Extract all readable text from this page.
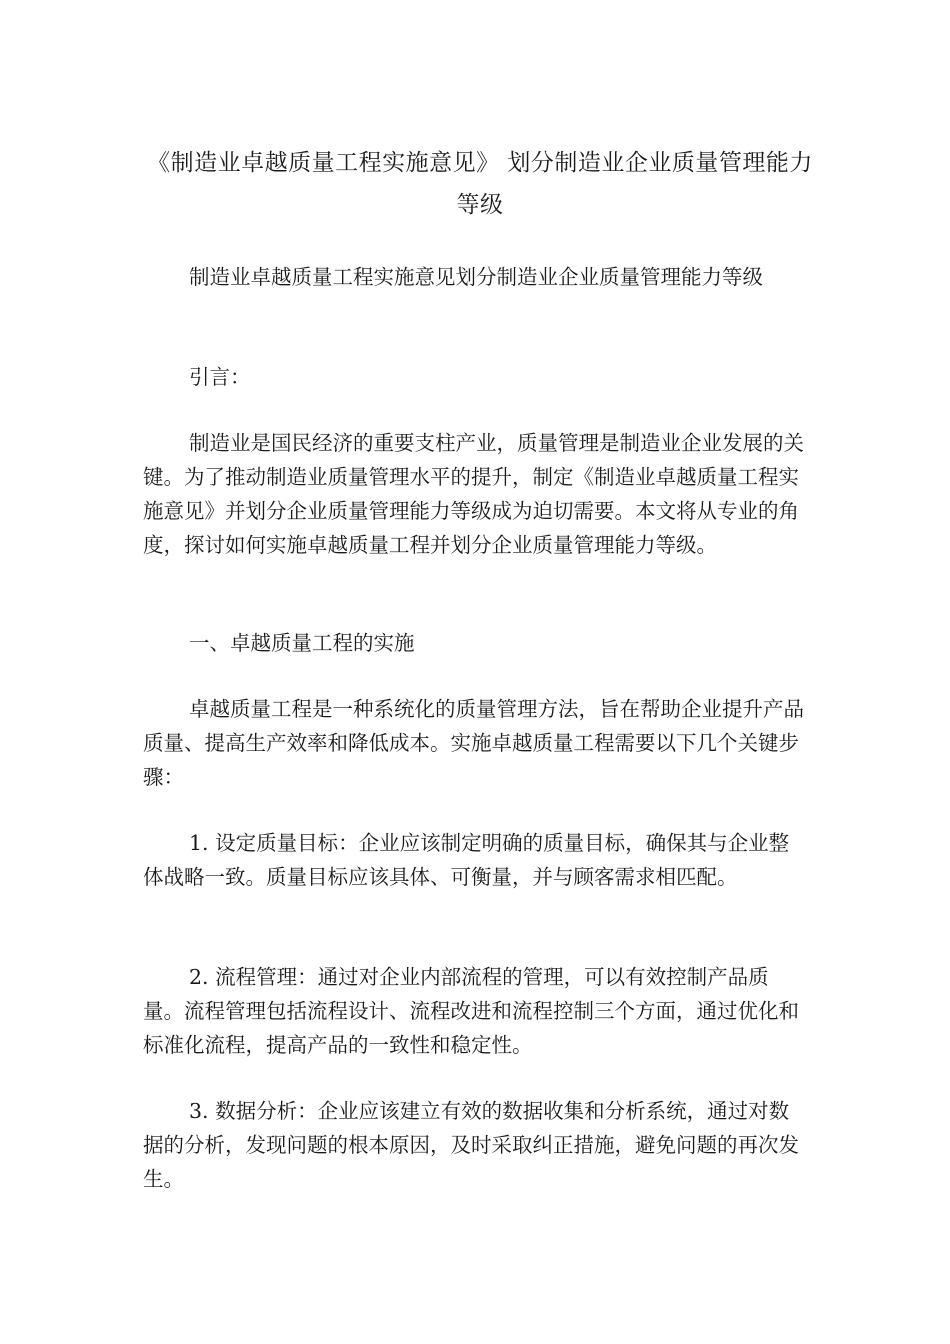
《制造业卓越质量工程实施意见》 划分制造业企业质量管理能力等级

制造业卓越质量工程实施意见划分制造业企业质量管理能力等级

引言：

制造业是国民经济的重要支柱产业，质量管理是制造业企业发展的关键。为了推动制造业质量管理水平的提升，制定《制造业卓越质量工程实施意见》并划分企业质量管理能力等级成为迫切需要。本文将从专业的角度，探讨如何实施卓越质量工程并划分企业质量管理能力等级。

一、卓越质量工程的实施

卓越质量工程是一种系统化的质量管理方法，旨在帮助企业提升产品质量、提高生产效率和降低成本。实施卓越质量工程需要以下几个关键步骤：

1. 设定质量目标：企业应该制定明确的质量目标，确保其与企业整体战略一致。质量目标应该具体、可衡量，并与顾客需求相匹配。

2. 流程管理：通过对企业内部流程的管理，可以有效控制产品质量。流程管理包括流程设计、流程改进和流程控制三个方面，通过优化和标准化流程，提高产品的一致性和稳定性。

3. 数据分析：企业应该建立有效的数据收集和分析系统，通过对数据的分析，发现问题的根本原因，及时采取纠正措施，避免问题的再次发生。
